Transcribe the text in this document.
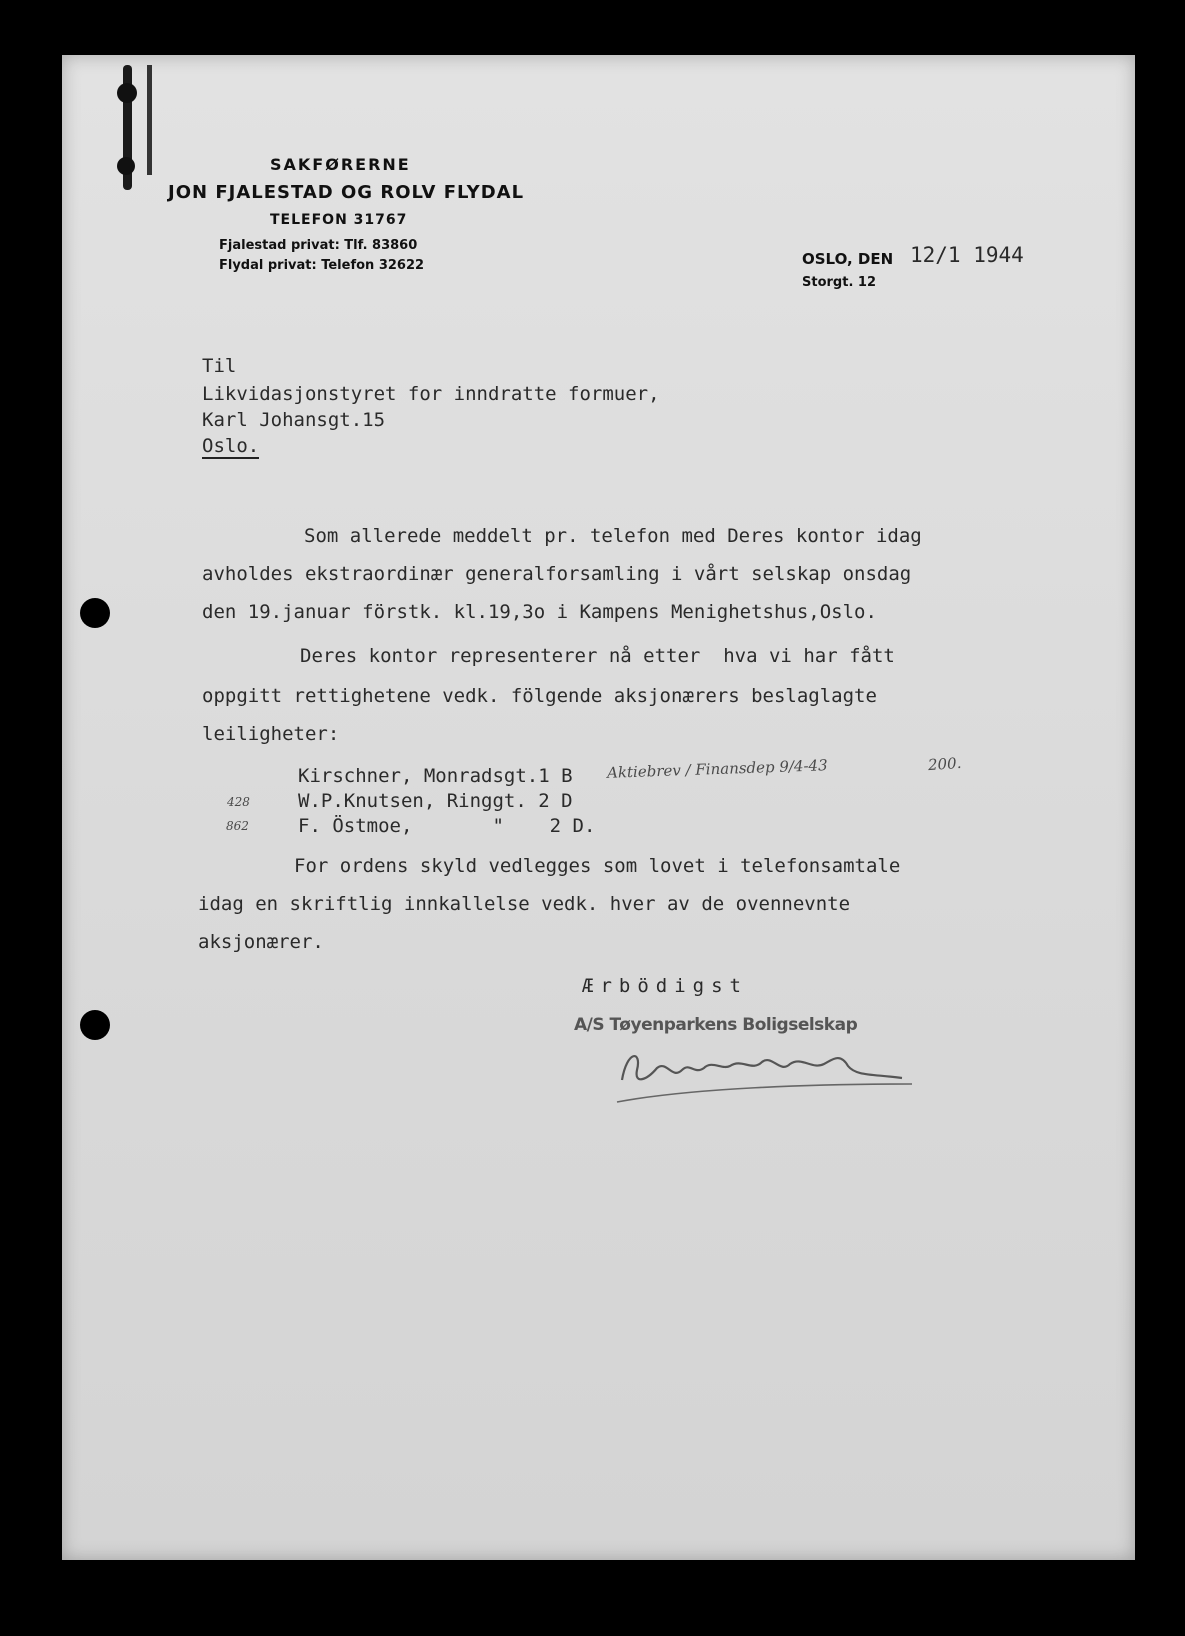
SAKFØRERNE
JON FJALESTAD OG ROLV FLYDAL
TELEFON 31767
Fjalestad privat: Tlf. 83860
Flydal privat: Telefon 32622	OSLO, DEN 12/1 1944
Storgt. 12
Til
Likvidasjonstyret for inndratte formuer,
Karl Johansgt.15
Oslo.
Som allerede meddelt pr. telefon med Deres kontor idag
avholdes ekstraordinær generalforsamling i vårt selskap onsdag
den 19.januar förstk. kl.19,3o i Kampens Menighetshus,Oslo.
Deres kontor representerer nå etter  hva vi har fått
oppgitt rettighetene vedk. fölgende aksjonærers beslaglagte
leiligheter:
Kirschner, Monradsgt.1 B
W.P.Knutsen, Ringgt. 2 D
F. Östmoe,       "    2 D.
Aktiebrev / Finansdep 9/4-43	200.
428
862
For ordens skyld vedlegges som lovet i telefonsamtale
idag en skriftlig innkallelse vedk. hver av de ovennevnte
aksjonærer.
Ærbödigst
A/S Tøyenparkens Boligselskap
